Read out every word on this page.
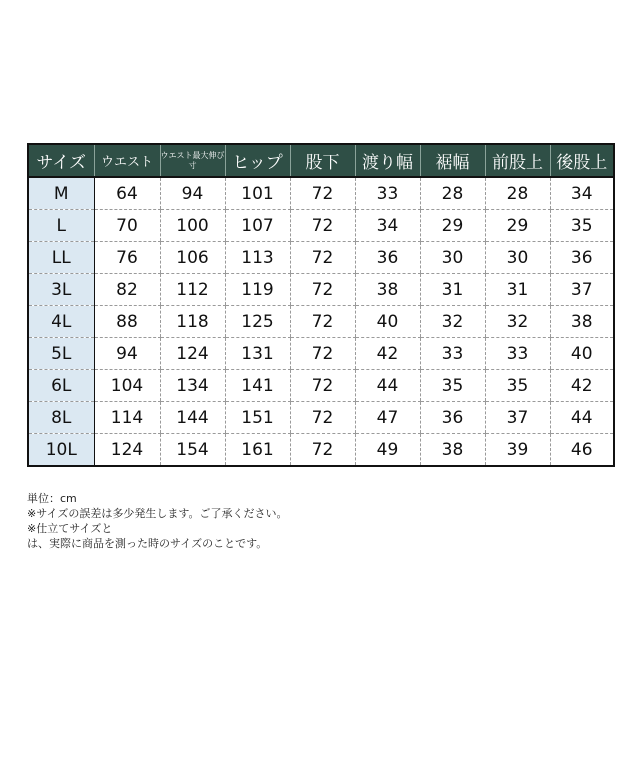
サイズ	ウエスト	ウエスト最大伸び寸	ヒップ	股下	渡り幅	裾幅	前股上	後股上
M	64	94	101	72	33	28	28	34
L	70	100	107	72	34	29	29	35
LL	76	106	113	72	36	30	30	36
3L	82	112	119	72	38	31	31	37
4L	88	118	125	72	40	32	32	38
5L	94	124	131	72	42	33	33	40
6L	104	134	141	72	44	35	35	42
8L	114	144	151	72	47	36	37	44
10L	124	154	161	72	49	38	39	46
単位：cm
※サイズの誤差は多少発生します。ご了承ください。
※仕立てサイズと
は、実際に商品を測った時のサイズのことです。
